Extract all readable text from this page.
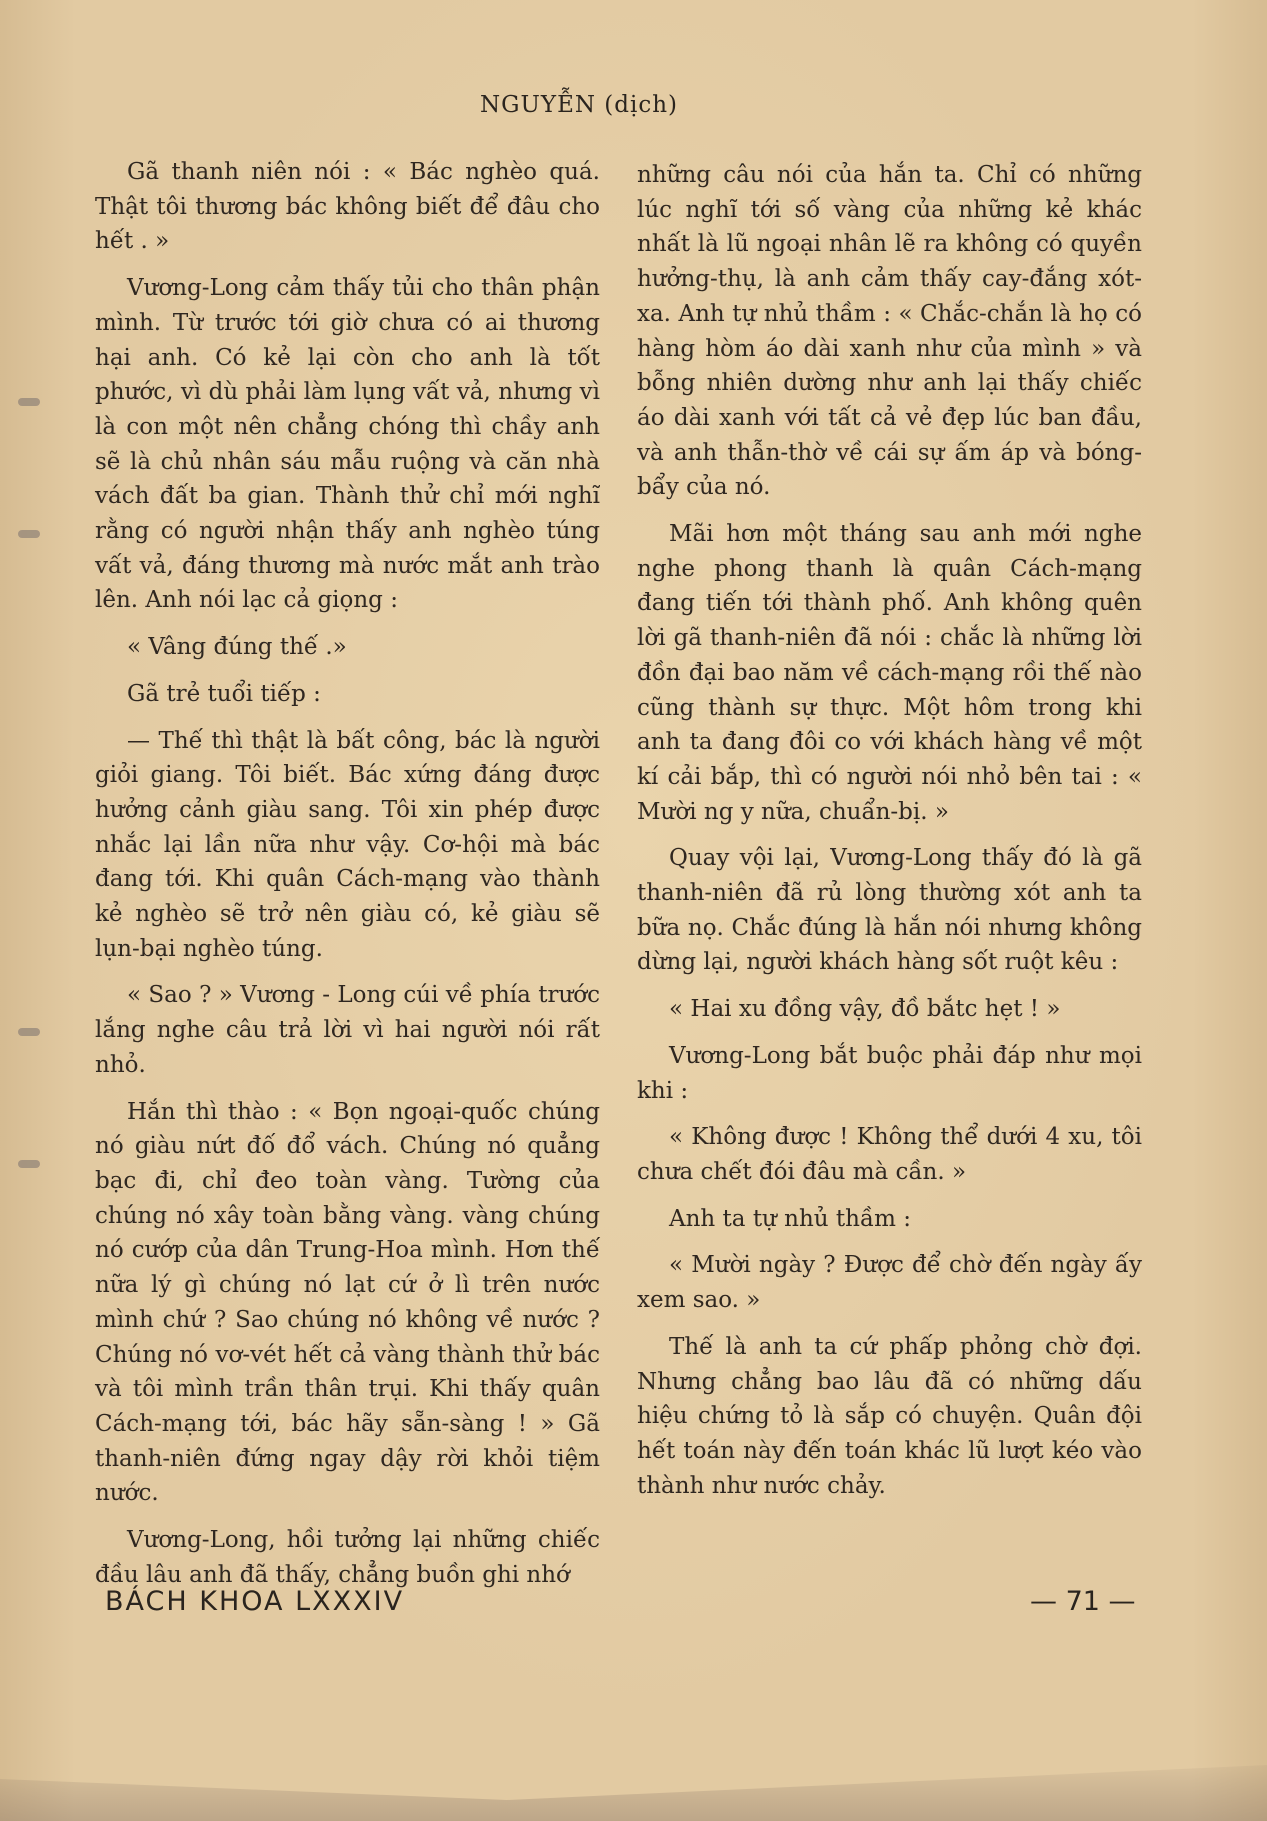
NGUYỄN (dịch)

Gã thanh niên nói : « Bác nghèo quá. Thật tôi thương bác không biết để đâu cho hết . »

Vương-Long cảm thấy tủi cho thân phận mình. Từ trước tới giờ chưa có ai thương hại anh. Có kẻ lại còn cho anh là tốt phước, vì dù phải làm lụng vất vả, nhưng vì là con một nên chẳng chóng thì chầy anh sẽ là chủ nhân sáu mẫu ruộng và căn nhà vách đất ba gian. Thành thử chỉ mới nghĩ rằng có người nhận thấy anh nghèo túng vất vả, đáng thương mà nước mắt anh trào lên. Anh nói lạc cả giọng :

« Vâng đúng thế .»

Gã trẻ tuổi tiếp :

— Thế thì thật là bất công, bác là người giỏi giang. Tôi biết. Bác xứng đáng được hưởng cảnh giàu sang. Tôi xin phép được nhắc lại lần nữa như vậy. Cơ-hội mà bác đang tới. Khi quân Cách-mạng vào thành kẻ nghèo sẽ trở nên giàu có, kẻ giàu sẽ lụn-bại nghèo túng.

« Sao ? » Vương - Long cúi về phía trước lắng nghe câu trả lời vì hai người nói rất nhỏ.

Hắn thì thào : « Bọn ngoại-quốc chúng nó giàu nứt đố đổ vách. Chúng nó quẳng bạc đi, chỉ đeo toàn vàng. Tường của chúng nó xây toàn bằng vàng. vàng chúng nó cướp của dân Trung-Hoa mình. Hơn thế nữa lý gì chúng nó lạt cứ ở lì trên nước mình chứ ? Sao chúng nó không về nước ? Chúng nó vơ-vét hết cả vàng thành thử bác và tôi mình trần thân trụi. Khi thấy quân Cách-mạng tới, bác hãy sẵn-sàng ! » Gã thanh-niên đứng ngay dậy rời khỏi tiệm nước.

Vương-Long, hồi tưởng lại những chiếc đầu lâu anh đã thấy, chẳng buồn ghi nhớ

những câu nói của hắn ta. Chỉ có những lúc nghĩ tới số vàng của những kẻ khác nhất là lũ ngoại nhân lẽ ra không có quyền hưởng-thụ, là anh cảm thấy cay-đắng xót-xa. Anh tự nhủ thầm : « Chắc-chắn là họ có hàng hòm áo dài xanh như của mình » và bỗng nhiên dường như anh lại thấy chiếc áo dài xanh với tất cả vẻ đẹp lúc ban đầu, và anh thẫn-thờ về cái sự ấm áp và bóng-bẩy của nó.

Mãi hơn một tháng sau anh mới nghe nghe phong thanh là quân Cách-mạng đang tiến tới thành phố. Anh không quên lời gã thanh-niên đã nói : chắc là những lời đồn đại bao năm về cách-mạng rồi thế nào cũng thành sự thực. Một hôm trong khi anh ta đang đôi co với khách hàng về một kí cải bắp, thì có người nói nhỏ bên tai : « Mười ng y nữa, chuẩn-bị. »

Quay vội lại, Vương-Long thấy đó là gã thanh-niên đã rủ lòng thường xót anh ta bữa nọ. Chắc đúng là hắn nói nhưng không dừng lại, người khách hàng sốt ruột kêu :

« Hai xu đồng vậy, đồ bắtc hẹt ! »

Vương-Long bắt buộc phải đáp như mọi khi :

« Không được ! Không thể dưới 4 xu, tôi chưa chết đói đâu mà cần. »

Anh ta tự nhủ thầm :

« Mười ngày ? Được để chờ đến ngày ấy xem sao. »

Thế là anh ta cứ phấp phỏng chờ đợi. Nhưng chẳng bao lâu đã có những dấu hiệu chứng tỏ là sắp có chuyện. Quân đội hết toán này đến toán khác lũ lượt kéo vào thành như nước chảy.

BÁCH KHOA LXXXIV	— 71 —
